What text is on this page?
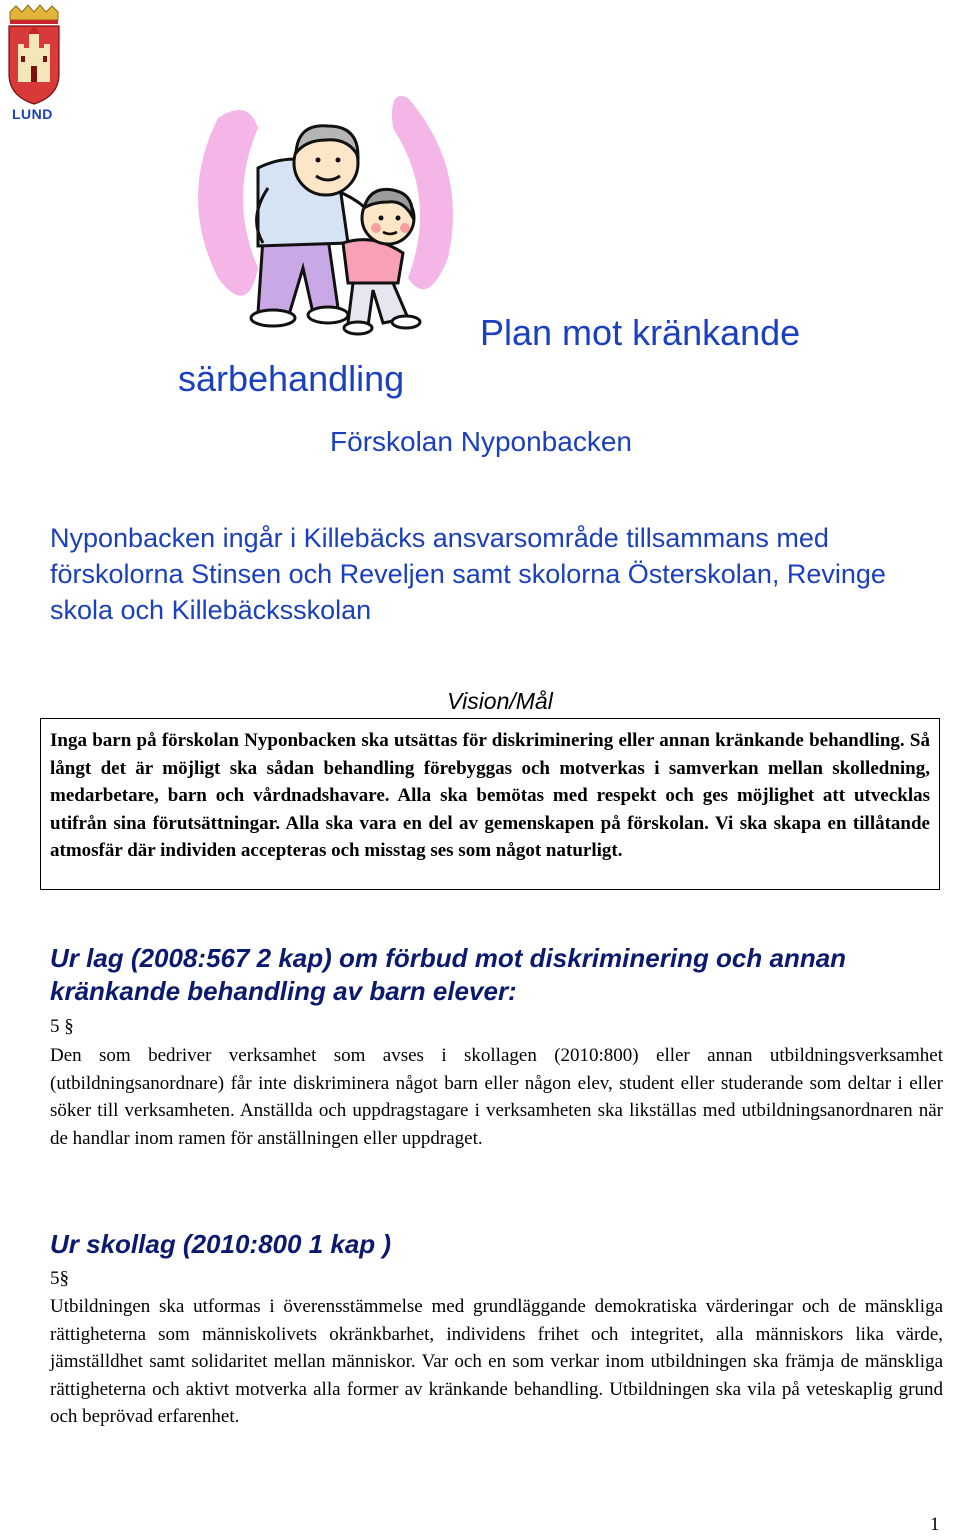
LUND
Plan mot kränkande
särbehandling
Förskolan Nyponbacken
Nyponbacken ingår i Killebäcks ansvarsområde tillsammans med förskolorna Stinsen och Reveljen samt skolorna Österskolan, Revinge skola och Killebäcksskolan
Vision/Mål
Inga barn på förskolan Nyponbacken ska utsättas för diskriminering eller annan kränkande behandling. Så långt det är möjligt ska sådan behandling förebyggas och motverkas i samverkan mellan skolledning, medarbetare, barn och vårdnadshavare. Alla ska bemötas med respekt och ges möjlighet att utvecklas utifrån sina förutsättningar. Alla ska vara en del av gemenskapen på förskolan. Vi ska skapa en tillåtande atmosfär där individen accepteras och misstag ses som något naturligt.
Ur lag (2008:567 2 kap) om förbud mot diskriminering och annan kränkande behandling av barn elever:
5 §
Den som bedriver verksamhet som avses i skollagen (2010:800) eller annan utbildningsverksamhet (utbildningsanordnare) får inte diskriminera något barn eller någon elev, student eller studerande som deltar i eller söker till verksamheten. Anställda och uppdragstagare i verksamheten ska likställas med utbildningsanordnaren när de handlar inom ramen för anställningen eller uppdraget.
Ur skollag (2010:800 1 kap )
5§
Utbildningen ska utformas i överensstämmelse med grundläggande demokratiska värderingar och de mänskliga rättigheterna som människolivets okränkbarhet, individens frihet och integritet, alla människors lika värde, jämställdhet samt solidaritet mellan människor. Var och en som verkar inom utbildningen ska främja de mänskliga rättigheterna och aktivt motverka alla former av kränkande behandling. Utbildningen ska vila på veteskaplig grund och beprövad erfarenhet.
1
